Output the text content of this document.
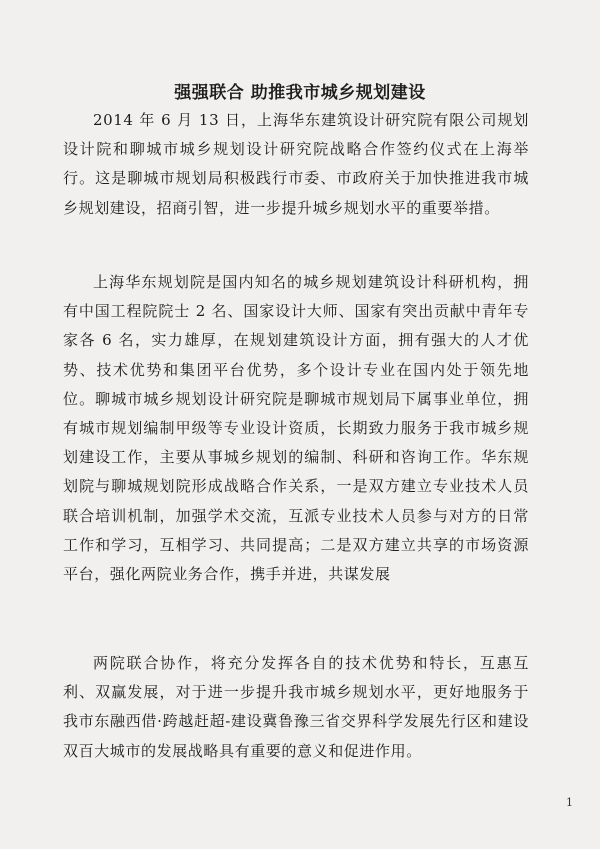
强强联合 助推我市城乡规划建设

2014 年 6 月 13 日，上海华东建筑设计研究院有限公司规划设计院和聊城市城乡规划设计研究院战略合作签约仪式在上海举行。这是聊城市规划局积极践行市委、市政府关于加快推进我市城乡规划建设，招商引智，进一步提升城乡规划水平的重要举措。

上海华东规划院是国内知名的城乡规划建筑设计科研机构，拥有中国工程院院士 2 名、国家设计大师、国家有突出贡献中青年专家各 6 名，实力雄厚，在规划建筑设计方面，拥有强大的人才优势、技术优势和集团平台优势，多个设计专业在国内处于领先地位。聊城市城乡规划设计研究院是聊城市规划局下属事业单位，拥有城市规划编制甲级等专业设计资质，长期致力服务于我市城乡规划建设工作，主要从事城乡规划的编制、科研和咨询工作。华东规划院与聊城规划院形成战略合作关系，一是双方建立专业技术人员联合培训机制，加强学术交流，互派专业技术人员参与对方的日常工作和学习，互相学习、共同提高；二是双方建立共享的市场资源平台，强化两院业务合作，携手并进，共谋发展

两院联合协作，将充分发挥各自的技术优势和特长，互惠互利、双赢发展，对于进一步提升我市城乡规划水平，更好地服务于我市东融西借·跨越赶超-建设冀鲁豫三省交界科学发展先行区和建设双百大城市的发展战略具有重要的意义和促进作用。

1
